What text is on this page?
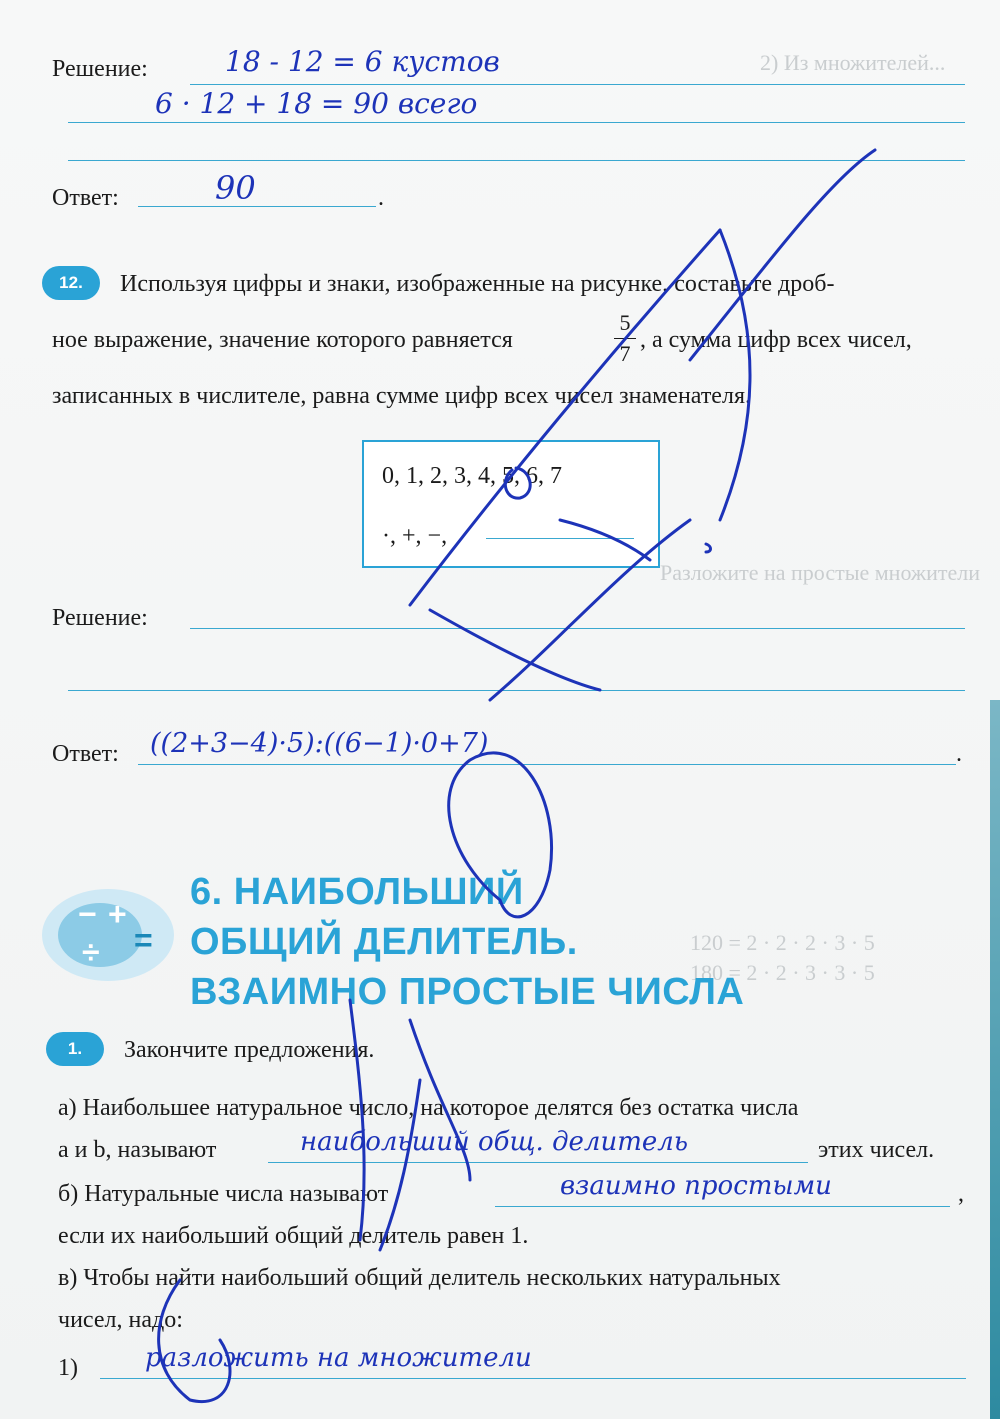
2) Из множителей...
Разложите на простые множители
120 = 2 · 2 · 2 · 3 · 5
180 = 2 · 2 · 3 · 3 · 5
Решение:	18 - 12 = 6 кустов
6 · 12 + 18 = 90 всего
Ответ:	90	.
12.	Используя цифры и знаки, изображенные на рисунке, составьте дроб-
ное выражение, значение которого равняется
5
7
, а сумма цифр всех чисел,
записанных в числителе, равна сумме цифр всех чисел знаменателя.
0, 1, 2, 3, 4, 5, 6, 7
·, +, −,
Решение:
Ответ: ((2+3−4)·5):((6−1)·0+7)	.
− +
÷ =
6. НАИБОЛЬШИЙ
ОБЩИЙ ДЕЛИТЕЛЬ.
ВЗАИМНО ПРОСТЫЕ ЧИСЛА
1.	Закончите предложения.
а) Наибольшее натуральное число, на которое делятся без остатка числа
a и b, называют	наибольший общ. делитель	этих чисел.
б) Натуральные числа называют	взаимно простыми	,
если их наибольший общий делитель равен 1.
в) Чтобы найти наибольший общий делитель нескольких натуральных
чисел, надо:
1)	разложить на множители
